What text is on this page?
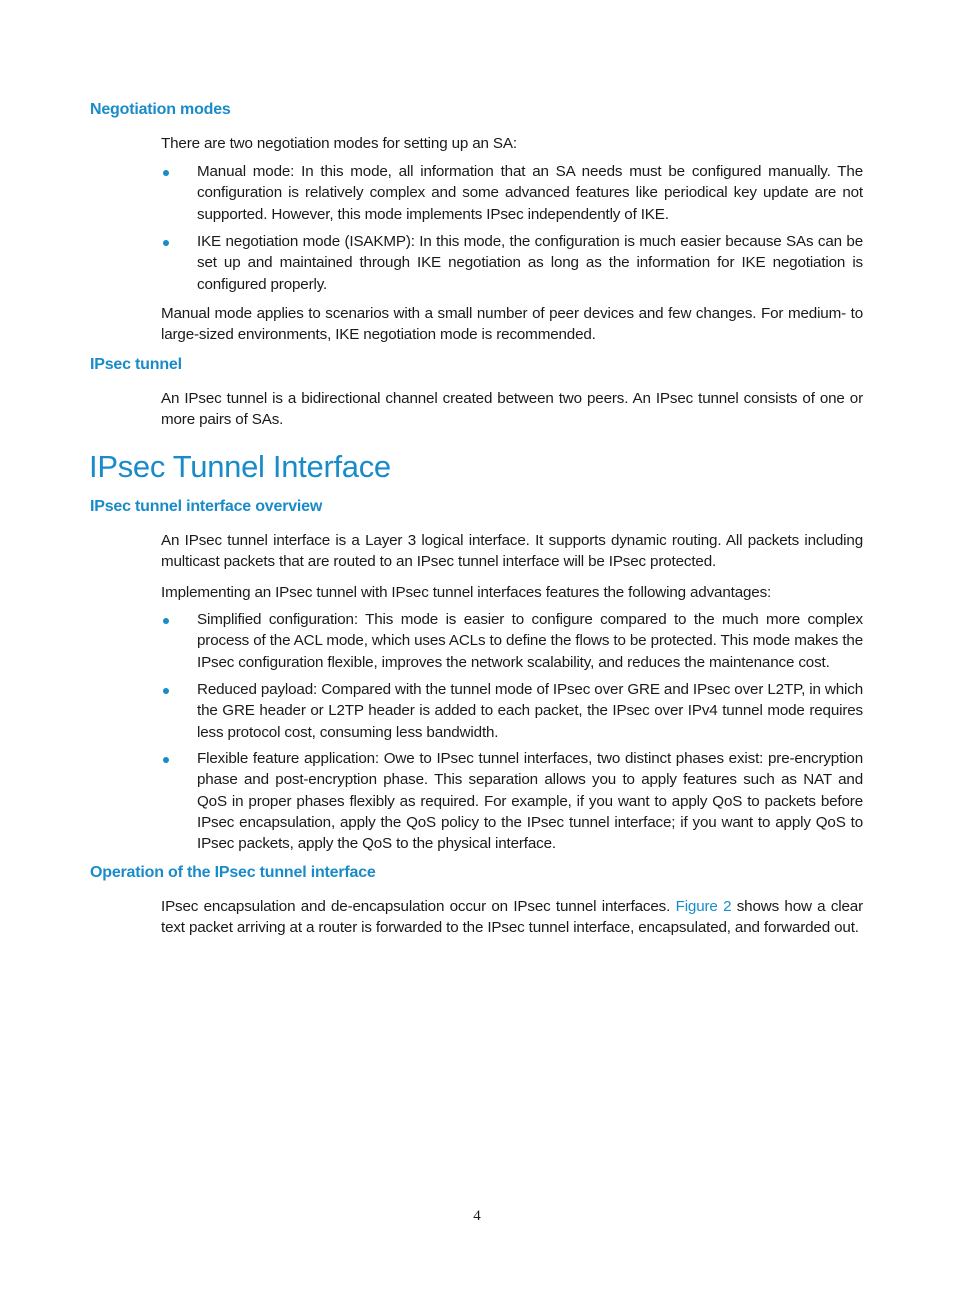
Negotiation modes

There are two negotiation modes for setting up an SA:

Manual mode: In this mode, all information that an SA needs must be configured manually. The configuration is relatively complex and some advanced features like periodical key update are not supported. However, this mode implements IPsec independently of IKE.

IKE negotiation mode (ISAKMP): In this mode, the configuration is much easier because SAs can be set up and maintained through IKE negotiation as long as the information for IKE negotiation is configured properly.

Manual mode applies to scenarios with a small number of peer devices and few changes. For medium- to large-sized environments, IKE negotiation mode is recommended.

IPsec tunnel

An IPsec tunnel is a bidirectional channel created between two peers. An IPsec tunnel consists of one or more pairs of SAs.

IPsec Tunnel Interface
IPsec tunnel interface overview

An IPsec tunnel interface is a Layer 3 logical interface. It supports dynamic routing. All packets including multicast packets that are routed to an IPsec tunnel interface will be IPsec protected.

Implementing an IPsec tunnel with IPsec tunnel interfaces features the following advantages:

Simplified configuration: This mode is easier to configure compared to the much more complex process of the ACL mode, which uses ACLs to define the flows to be protected. This mode makes the IPsec configuration flexible, improves the network scalability, and reduces the maintenance cost.

Reduced payload: Compared with the tunnel mode of IPsec over GRE and IPsec over L2TP, in which the GRE header or L2TP header is added to each packet, the IPsec over IPv4 tunnel mode requires less protocol cost, consuming less bandwidth.

Flexible feature application: Owe to IPsec tunnel interfaces, two distinct phases exist: pre-encryption phase and post-encryption phase. This separation allows you to apply features such as NAT and QoS in proper phases flexibly as required. For example, if you want to apply QoS to packets before IPsec encapsulation, apply the QoS policy to the IPsec tunnel interface; if you want to apply QoS to IPsec packets, apply the QoS to the physical interface.

Operation of the IPsec tunnel interface

IPsec encapsulation and de-encapsulation occur on IPsec tunnel interfaces. Figure 2 shows how a clear text packet arriving at a router is forwarded to the IPsec tunnel interface, encapsulated, and forwarded out.

4
